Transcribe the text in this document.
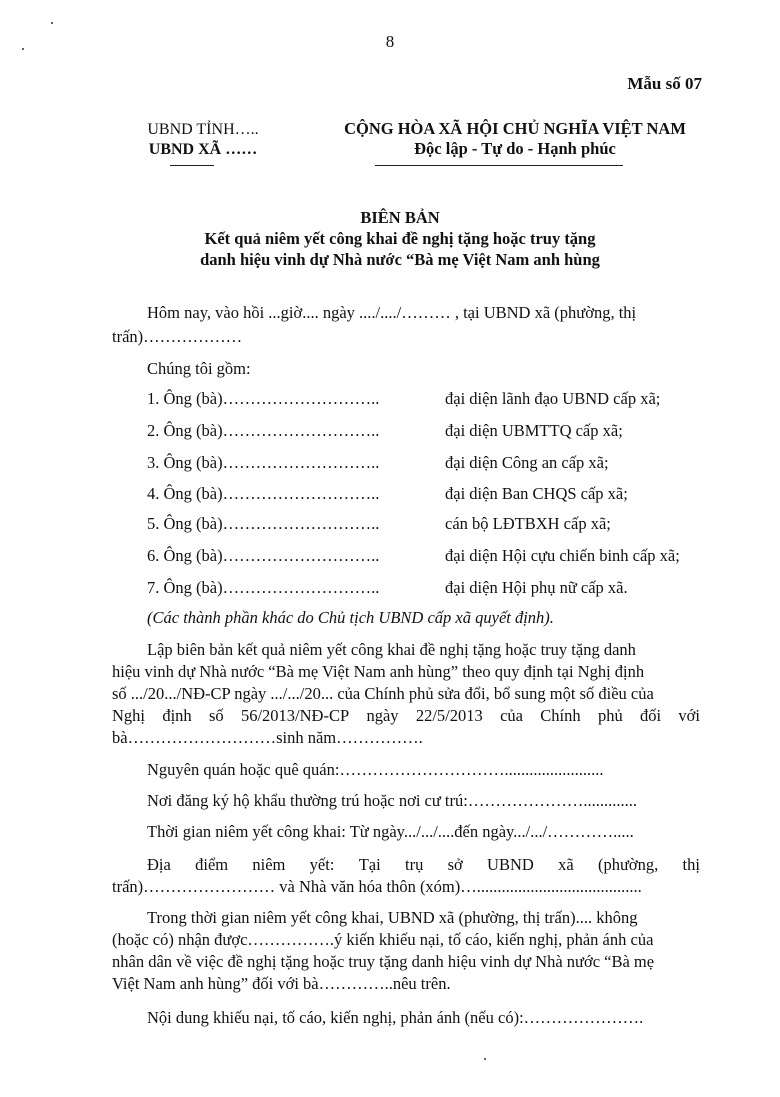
8
Mẫu số 07
UBND TỈNH…..
UBND XÃ ……
CỘNG HÒA XÃ HỘI CHỦ NGHĨA VIỆT NAM
Độc lập - Tự do - Hạnh phúc
BIÊN BẢN
Kết quả niêm yết công khai đề nghị tặng hoặc truy tặng
danh hiệu vinh dự Nhà nước “Bà mẹ Việt Nam anh hùng
Hôm nay, vào hồi ...giờ.... ngày ..../..../……… , tại UBND xã (phường, thị
trấn)………………
Chúng tôi gồm:
1. Ông (bà)………………………..	đại diện lãnh đạo UBND cấp xã;
2. Ông (bà)………………………..	đại diện UBMTTQ cấp xã;
3. Ông (bà)………………………..	đại diện Công an cấp xã;
4. Ông (bà)………………………..	đại diện Ban CHQS cấp xã;
5. Ông (bà)………………………..	cán bộ LĐTBXH cấp xã;
6. Ông (bà)………………………..	đại diện Hội cựu chiến binh cấp xã;
7. Ông (bà)………………………..	đại diện Hội phụ nữ cấp xã.
(Các thành phần khác do Chủ tịch UBND cấp xã quyết định).
Lập biên bản kết quả niêm yết công khai đề nghị tặng hoặc truy tặng danh
hiệu vinh dự Nhà nước “Bà mẹ Việt Nam anh hùng” theo quy định tại Nghị định
số .../20.../NĐ-CP ngày .../.../20... của Chính phủ sửa đổi, bổ sung một số điều của
Nghị định số 56/2013/NĐ-CP ngày 22/5/2013 của Chính phủ đối với
bà………………………sinh năm…………….
Nguyên quán hoặc quê quán:…………………………........................
Nơi đăng ký hộ khẩu thường trú hoặc nơi cư trú:………………….............
Thời gian niêm yết công khai: Từ ngày.../.../....đến ngày.../.../………….....
Địa điểm niêm yết: Tại trụ sở UBND xã (phường, thị
trấn)…………………… và Nhà văn hóa thôn (xóm)…........................................
Trong thời gian niêm yết công khai, UBND xã (phường, thị trấn).... không
(hoặc có) nhận được…………….ý kiến khiếu nại, tố cáo, kiến nghị, phản ánh của
nhân dân về việc đề nghị tặng hoặc truy tặng danh hiệu vinh dự Nhà nước “Bà mẹ
Việt Nam anh hùng” đối với bà…………..nêu trên.
Nội dung khiếu nại, tố cáo, kiến nghị, phản ánh (nếu có):………………….
